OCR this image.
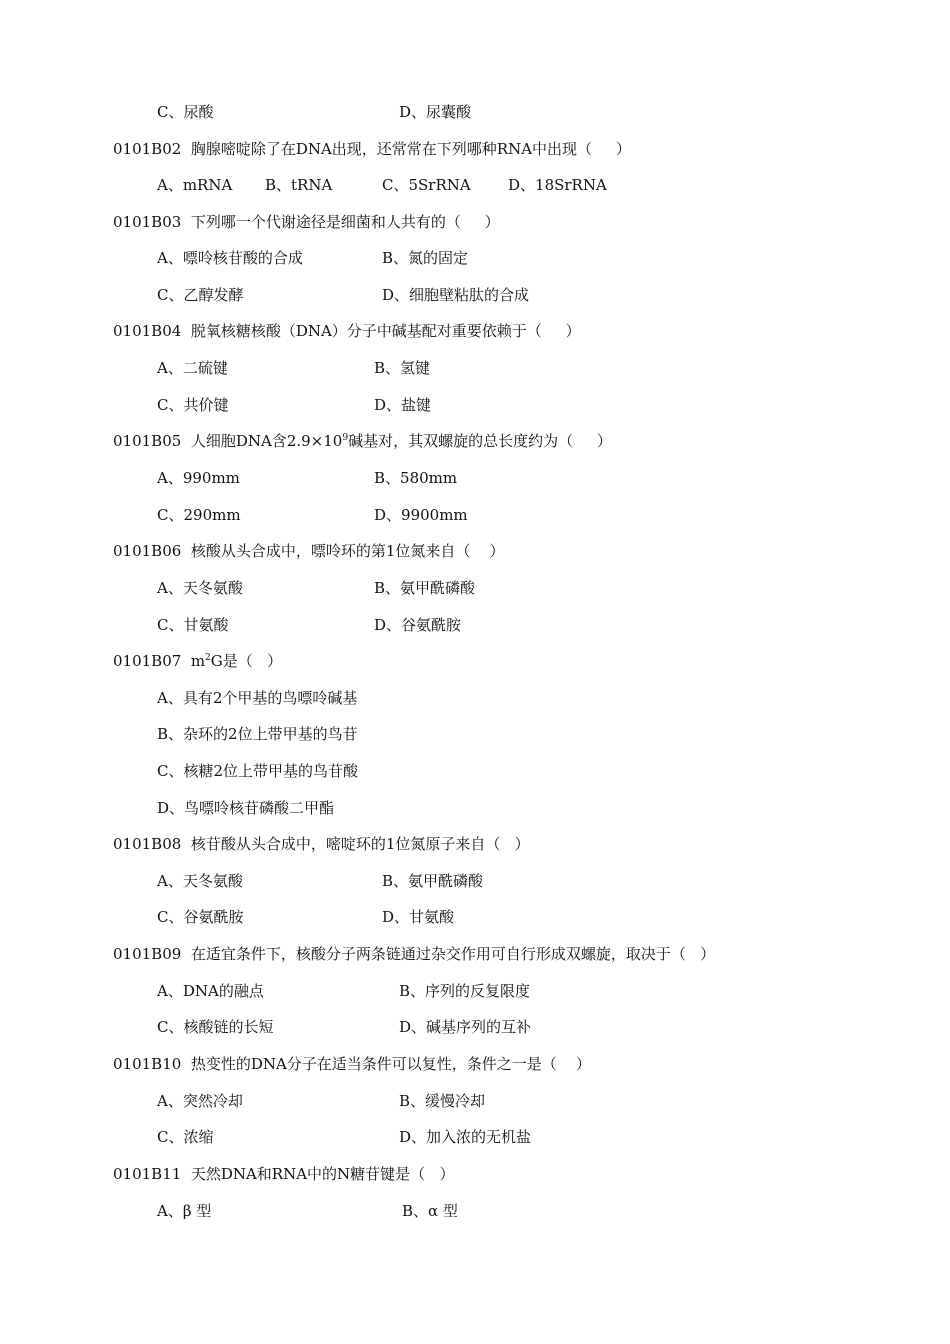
C、尿酸	D、尿囊酸
0101B02  胸腺嘧啶除了在DNA出现，还常常在下列哪种RNA中出现（     ）
A、mRNA B、tRNA	C、5SrRNA D、18SrRNA
0101B03  下列哪一个代谢途径是细菌和人共有的（     ）
A、嘌呤核苷酸的合成	B、氮的固定
C、乙醇发酵	D、细胞壁粘肽的合成
0101B04  脱氧核糖核酸（DNA）分子中碱基配对重要依赖于（     ）
A、二硫键	B、氢键
C、共价键	D、盐键
0101B05  人细胞DNA含$2.9\times 10^9$碱基对，其双螺旋的总长度约为（     ）
A、990mm	B、580mm
C、290mm	D、9900mm
0101B06  核酸从头合成中，嘌呤环的第1位氮来自（    ）
A、天冬氨酸	B、氨甲酰磷酸
C、甘氨酸	D、谷氨酰胺
0101B07  $m^2G$是（   ）
A、具有2个甲基的鸟嘌呤碱基
B、杂环的2位上带甲基的鸟苷
C、核糖2位上带甲基的鸟苷酸
D、鸟嘌呤核苷磷酸二甲酯
0101B08  核苷酸从头合成中，嘧啶环的1位氮原子来自（   ）
A、天冬氨酸	B、氨甲酰磷酸
C、谷氨酰胺	D、甘氨酸
0101B09  在适宜条件下，核酸分子两条链通过杂交作用可自行形成双螺旋，取决于（   ）
A、DNA的融点	B、序列的反复限度
C、核酸链的长短	D、碱基序列的互补
0101B10  热变性的DNA分子在适当条件可以复性，条件之一是（    ）
A、突然冷却	B、缓慢冷却
C、浓缩	D、加入浓的无机盐
0101B11  天然DNA和RNA中的N糖苷键是（   ）
A、β 型	B、α 型
